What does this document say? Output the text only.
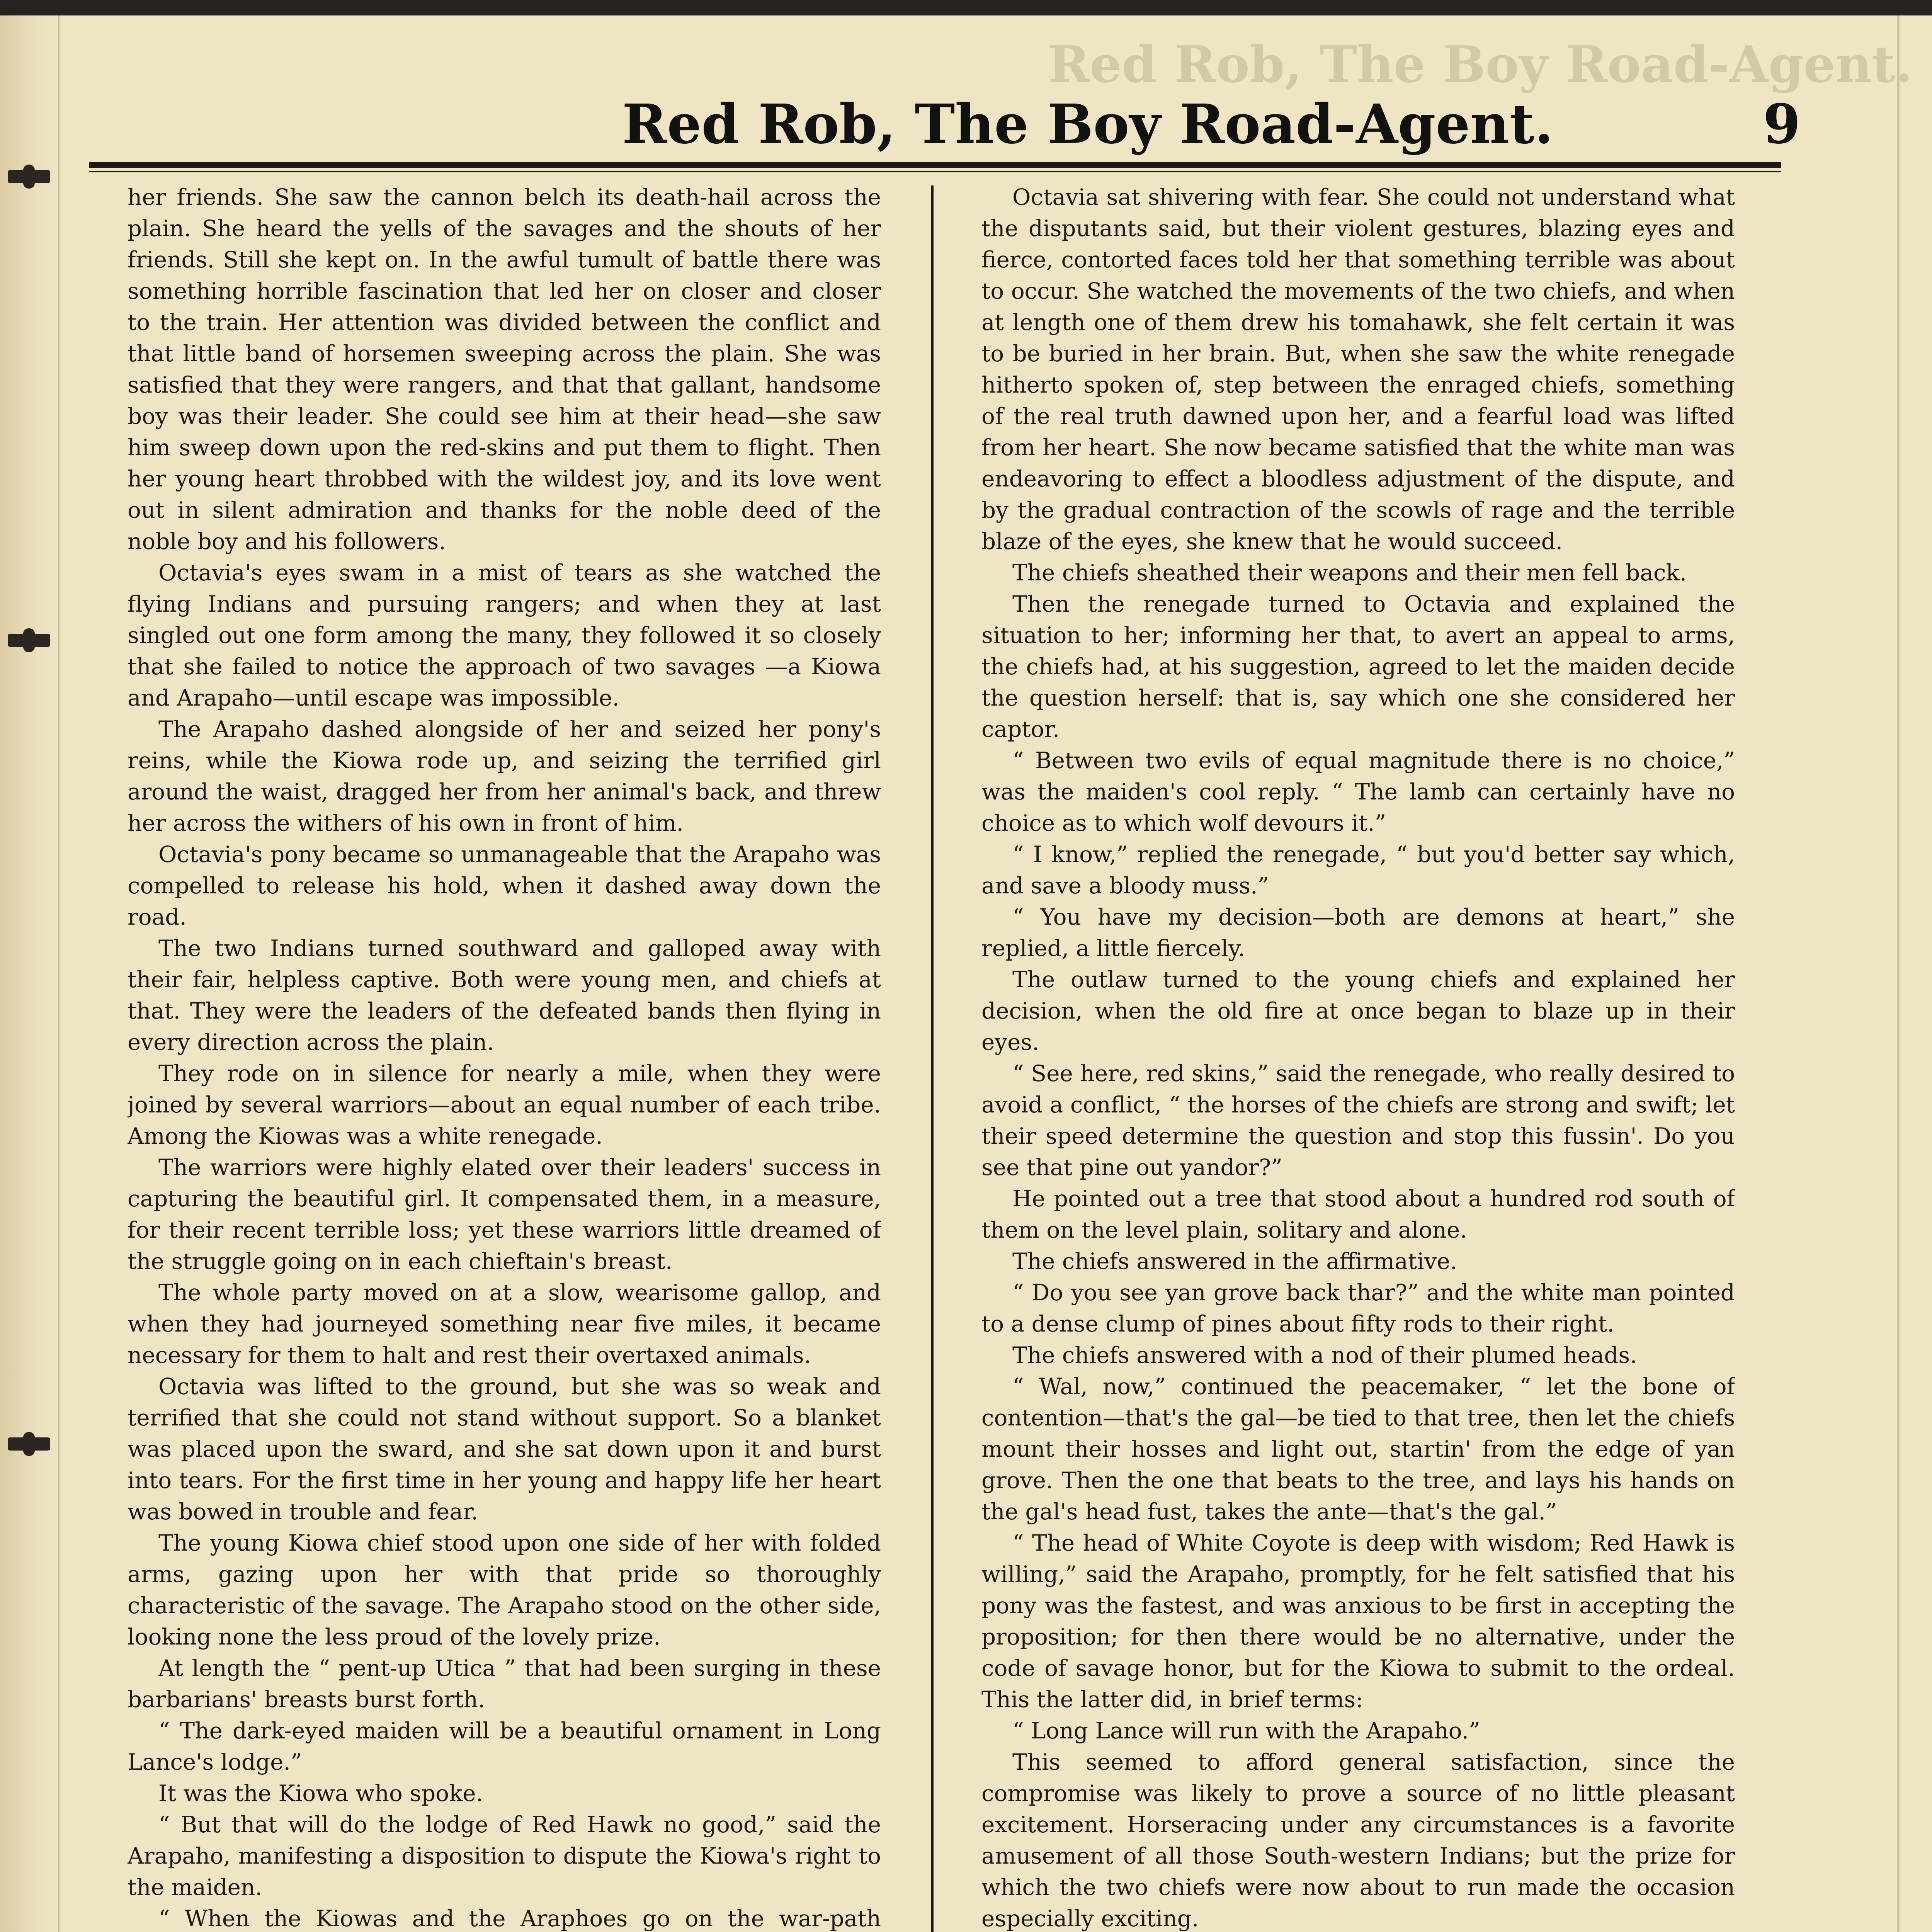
Red Rob, The Boy Road-Agent.
Red Rob, The Boy Road-Agent.	9

her friends. She saw the cannon belch its death-hail across the plain. She heard the yells of the savages and the shouts of her friends. Still she kept on. In the awful tumult of battle there was something horrible fascination that led her on closer and closer to the train. Her attention was divided between the conflict and that little band of horsemen sweeping across the plain. She was satisfied that they were rangers, and that that gallant, handsome boy was their leader. She could see him at their head—she saw him sweep down upon the red-skins and put them to flight. Then her young heart throbbed with the wildest joy, and its love went out in silent admiration and thanks for the noble deed of the noble boy and his followers.

Octavia's eyes swam in a mist of tears as she watched the flying Indians and pursuing rangers; and when they at last singled out one form among the many, they followed it so closely that she failed to notice the approach of two savages —a Kiowa and Arapaho—until escape was impossible.

The Arapaho dashed alongside of her and seized her pony's reins, while the Kiowa rode up, and seizing the terrified girl around the waist, dragged her from her animal's back, and threw her across the withers of his own in front of him.

Octavia's pony became so unmanageable that the Arapaho was compelled to release his hold, when it dashed away down the road.

The two Indians turned southward and galloped away with their fair, helpless captive. Both were young men, and chiefs at that. They were the leaders of the defeated bands then flying in every direction across the plain.

They rode on in silence for nearly a mile, when they were joined by several warriors—about an equal number of each tribe. Among the Kiowas was a white renegade.

The warriors were highly elated over their leaders' success in capturing the beautiful girl. It compensated them, in a measure, for their recent terrible loss; yet these warriors little dreamed of the struggle going on in each chieftain's breast.

The whole party moved on at a slow, wearisome gallop, and when they had journeyed something near five miles, it became necessary for them to halt and rest their overtaxed animals.

Octavia was lifted to the ground, but she was so weak and terrified that she could not stand without support. So a blanket was placed upon the sward, and she sat down upon it and burst into tears. For the first time in her young and happy life her heart was bowed in trouble and fear.

The young Kiowa chief stood upon one side of her with folded arms, gazing upon her with that pride so thoroughly characteristic of the savage. The Arapaho stood on the other side, looking none the less proud of the lovely prize.

At length the “ pent-up Utica ” that had been surging in these barbarians' breasts burst forth.

“ The dark-eyed maiden will be a beautiful ornament in Long Lance's lodge.”

It was the Kiowa who spoke.

“ But that will do the lodge of Red Hawk no good,” said the Arapaho, manifesting a disposition to dispute the Kiowa's right to the maiden.

“ When the Kiowas and the Araphoes go on the war-path

Octavia sat shivering with fear. She could not understand what the disputants said, but their violent gestures, blazing eyes and fierce, contorted faces told her that something terrible was about to occur. She watched the movements of the two chiefs, and when at length one of them drew his tomahawk, she felt certain it was to be buried in her brain. But, when she saw the white renegade hitherto spoken of, step between the enraged chiefs, something of the real truth dawned upon her, and a fearful load was lifted from her heart. She now became satisfied that the white man was endeavoring to effect a bloodless adjustment of the dispute, and by the gradual contraction of the scowls of rage and the terrible blaze of the eyes, she knew that he would succeed.

The chiefs sheathed their weapons and their men fell back.

Then the renegade turned to Octavia and explained the situation to her; informing her that, to avert an appeal to arms, the chiefs had, at his suggestion, agreed to let the maiden decide the question herself: that is, say which one she considered her captor.

“ Between two evils of equal magnitude there is no choice,” was the maiden's cool reply. “ The lamb can certainly have no choice as to which wolf devours it.”

“ I know,” replied the renegade, “ but you'd better say which, and save a bloody muss.”

“ You have my decision—both are demons at heart,” she replied, a little fiercely.

The outlaw turned to the young chiefs and explained her decision, when the old fire at once began to blaze up in their eyes.

“ See here, red skins,” said the renegade, who really desired to avoid a conflict, “ the horses of the chiefs are strong and swift; let their speed determine the question and stop this fussin'. Do you see that pine out yandor?”

He pointed out a tree that stood about a hundred rod south of them on the level plain, solitary and alone.

The chiefs answered in the affirmative.

“ Do you see yan grove back thar?” and the white man pointed to a dense clump of pines about fifty rods to their right.

The chiefs answered with a nod of their plumed heads.

“ Wal, now,” continued the peacemaker, “ let the bone of contention—that's the gal—be tied to that tree, then let the chiefs mount their hosses and light out, startin' from the edge of yan grove. Then the one that beats to the tree, and lays his hands on the gal's head fust, takes the ante—that's the gal.”

“ The head of White Coyote is deep with wisdom; Red Hawk is willing,” said the Arapaho, promptly, for he felt satisfied that his pony was the fastest, and was anxious to be first in accepting the proposition; for then there would be no alternative, under the code of savage honor, but for the Kiowa to submit to the ordeal. This the latter did, in brief terms:

“ Long Lance will run with the Arapaho.”

This seemed to afford general satisfaction, since the compromise was likely to prove a source of no little pleasant excitement. Horseracing under any circumstances is a favorite amusement of all those South-western Indians; but the prize for which the two chiefs were now about to run made the occasion especially exciting.
